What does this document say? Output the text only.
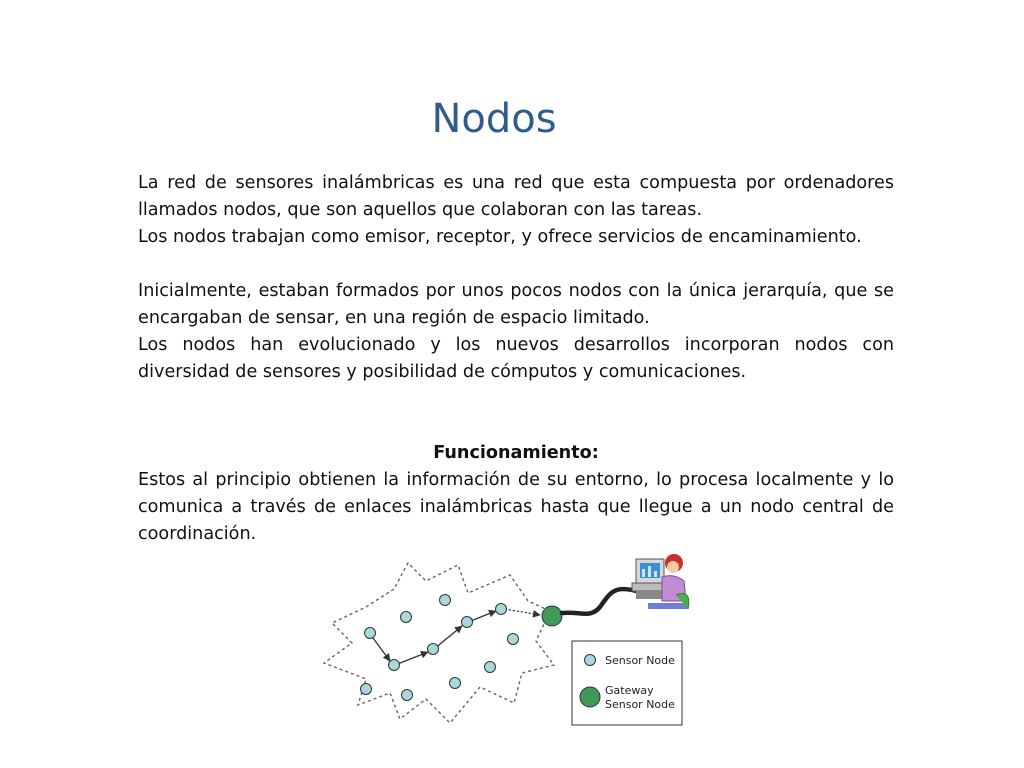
Nodos

La red de sensores inalámbricas es una red que esta compuesta por ordenadores llamados nodos, que son aquellos que colaboran con las tareas.

Los nodos trabajan como emisor, receptor, y ofrece servicios de encaminamiento.

Inicialmente, estaban formados por unos pocos nodos con la única jerarquía, que se encargaban de sensar, en una región de espacio limitado.

Los nodos han evolucionado y los nuevos desarrollos incorporan nodos con diversidad de sensores y posibilidad de cómputos y comunicaciones.

Funcionamiento:

Estos al principio obtienen la información de su entorno, lo procesa localmente y lo comunica a través de enlaces inalámbricas hasta que llegue a un nodo central de coordinación.

Sensor Node
Gateway
Sensor Node
